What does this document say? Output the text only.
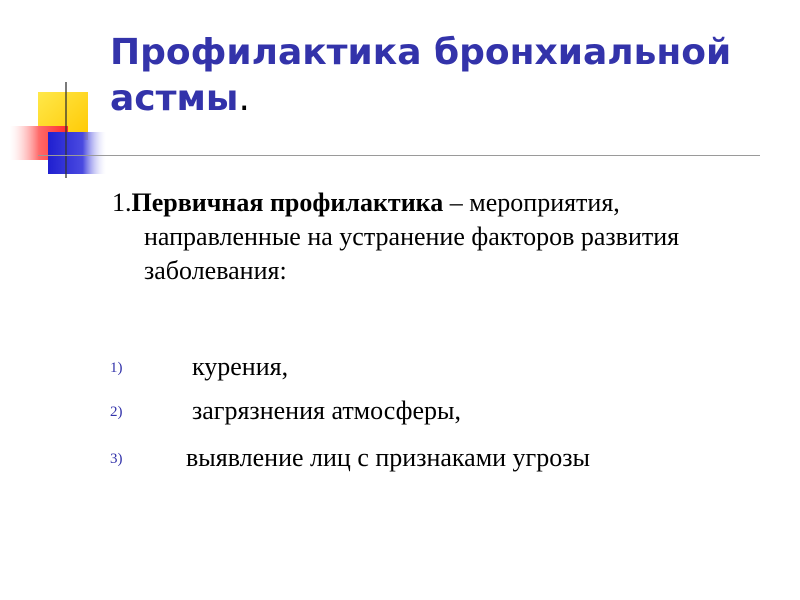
Профилактика бронхиальной астмы.
1.Первичная профилактика – мероприятия, направленные на устранение факторов развития заболевания:
1)	курения,
2)	загрязнения атмосферы,
3) выявление лиц с признаками угрозы
